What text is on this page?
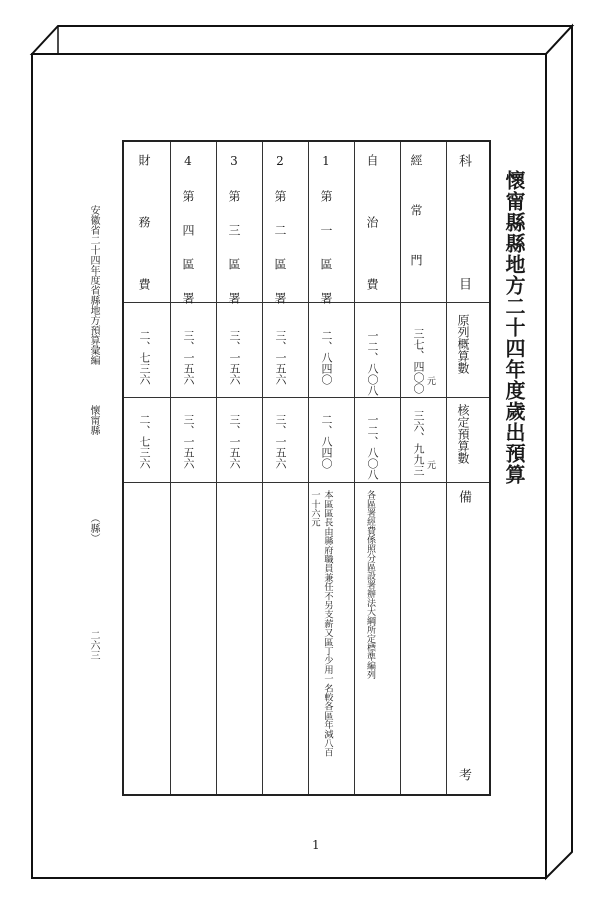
懷甯縣縣地方二十四年度歲出預算
安徽省二十四年度省縣地方預算彙編
懷甯縣
（縣）
二六三
1
科
目
原列概算數
核定預算數
備
考
經 常 門
三七、四〇〇 元
三六、九九三 元
自 治 費
一二、八〇八
一二、八〇八
各區署經費係照分區設署辦法大綱所定標準編列
1 第 一 區 署
二、八四〇
二、八四〇
本區區長由縣府職員兼任不另支薪又區丁少用一名較各區年減八百一十六元
2 第 二 區 署
三、一五六
三、一五六
3 第 三 區 署
三、一五六
三、一五六
4 第 四 區 署
三、一五六
三、一五六
財 務 費
二、七三六
二、七三六
